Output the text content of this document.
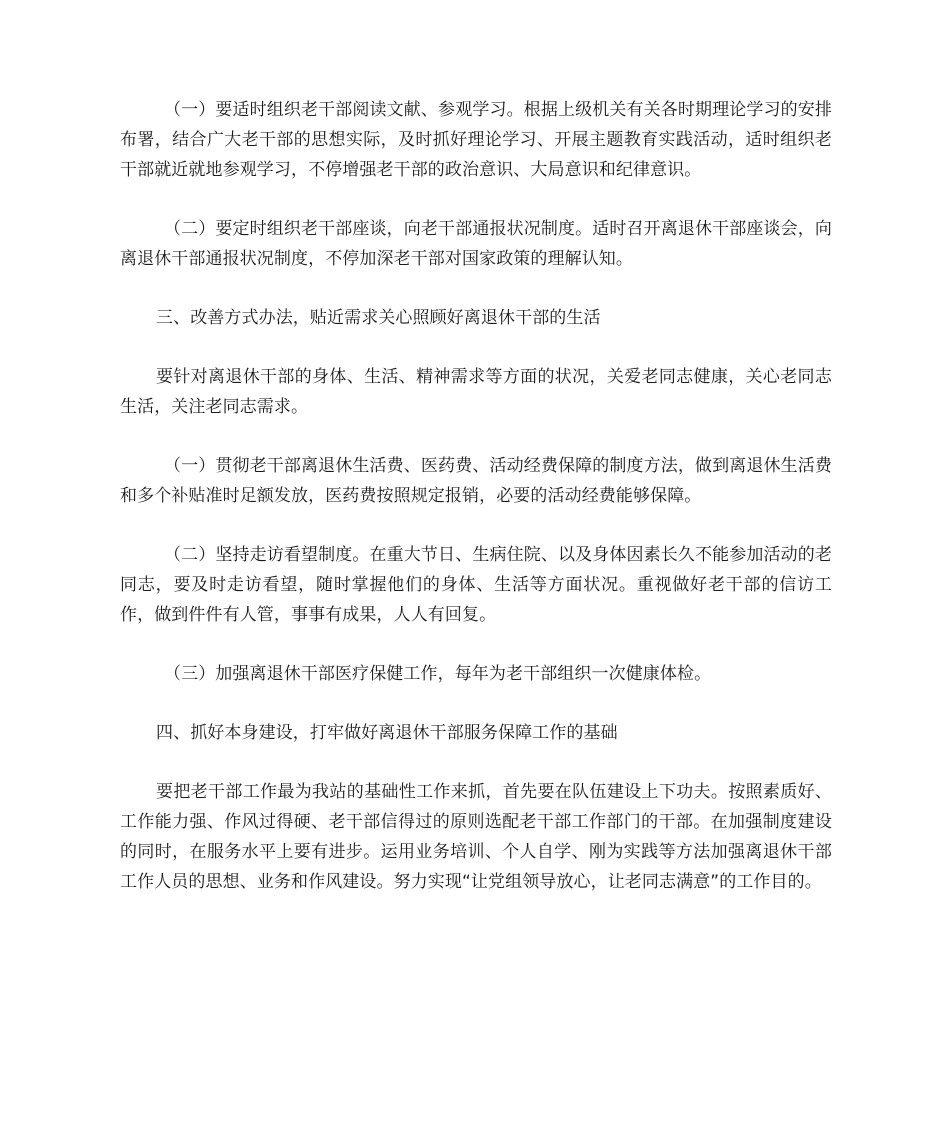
（一）要适时组织老干部阅读文献、参观学习。根据上级机关有关各时期理论学习的安排布署，结合广大老干部的思想实际，及时抓好理论学习、开展主题教育实践活动，适时组织老干部就近就地参观学习，不停增强老干部的政治意识、大局意识和纪律意识。

（二）要定时组织老干部座谈，向老干部通报状况制度。适时召开离退休干部座谈会，向离退休干部通报状况制度，不停加深老干部对国家政策的理解认知。

三、改善方式办法，贴近需求关心照顾好离退休干部的生活

要针对离退休干部的身体、生活、精神需求等方面的状况，关爱老同志健康，关心老同志生活，关注老同志需求。

（一）贯彻老干部离退休生活费、医药费、活动经费保障的制度方法，做到离退休生活费和多个补贴准时足额发放，医药费按照规定报销，必要的活动经费能够保障。

（二）坚持走访看望制度。在重大节日、生病住院、以及身体因素长久不能参加活动的老同志，要及时走访看望，随时掌握他们的身体、生活等方面状况。重视做好老干部的信访工作，做到件件有人管，事事有成果，人人有回复。

（三）加强离退休干部医疗保健工作，每年为老干部组织一次健康体检。

四、抓好本身建设，打牢做好离退休干部服务保障工作的基础

要把老干部工作最为我站的基础性工作来抓，首先要在队伍建设上下功夫。按照素质好、工作能力强、作风过得硬、老干部信得过的原则选配老干部工作部门的干部。在加强制度建设的同时，在服务水平上要有进步。运用业务培训、个人自学、刚为实践等方法加强离退休干部工作人员的思想、业务和作风建设。努力实现“让党组领导放心，让老同志满意”的工作目的。
